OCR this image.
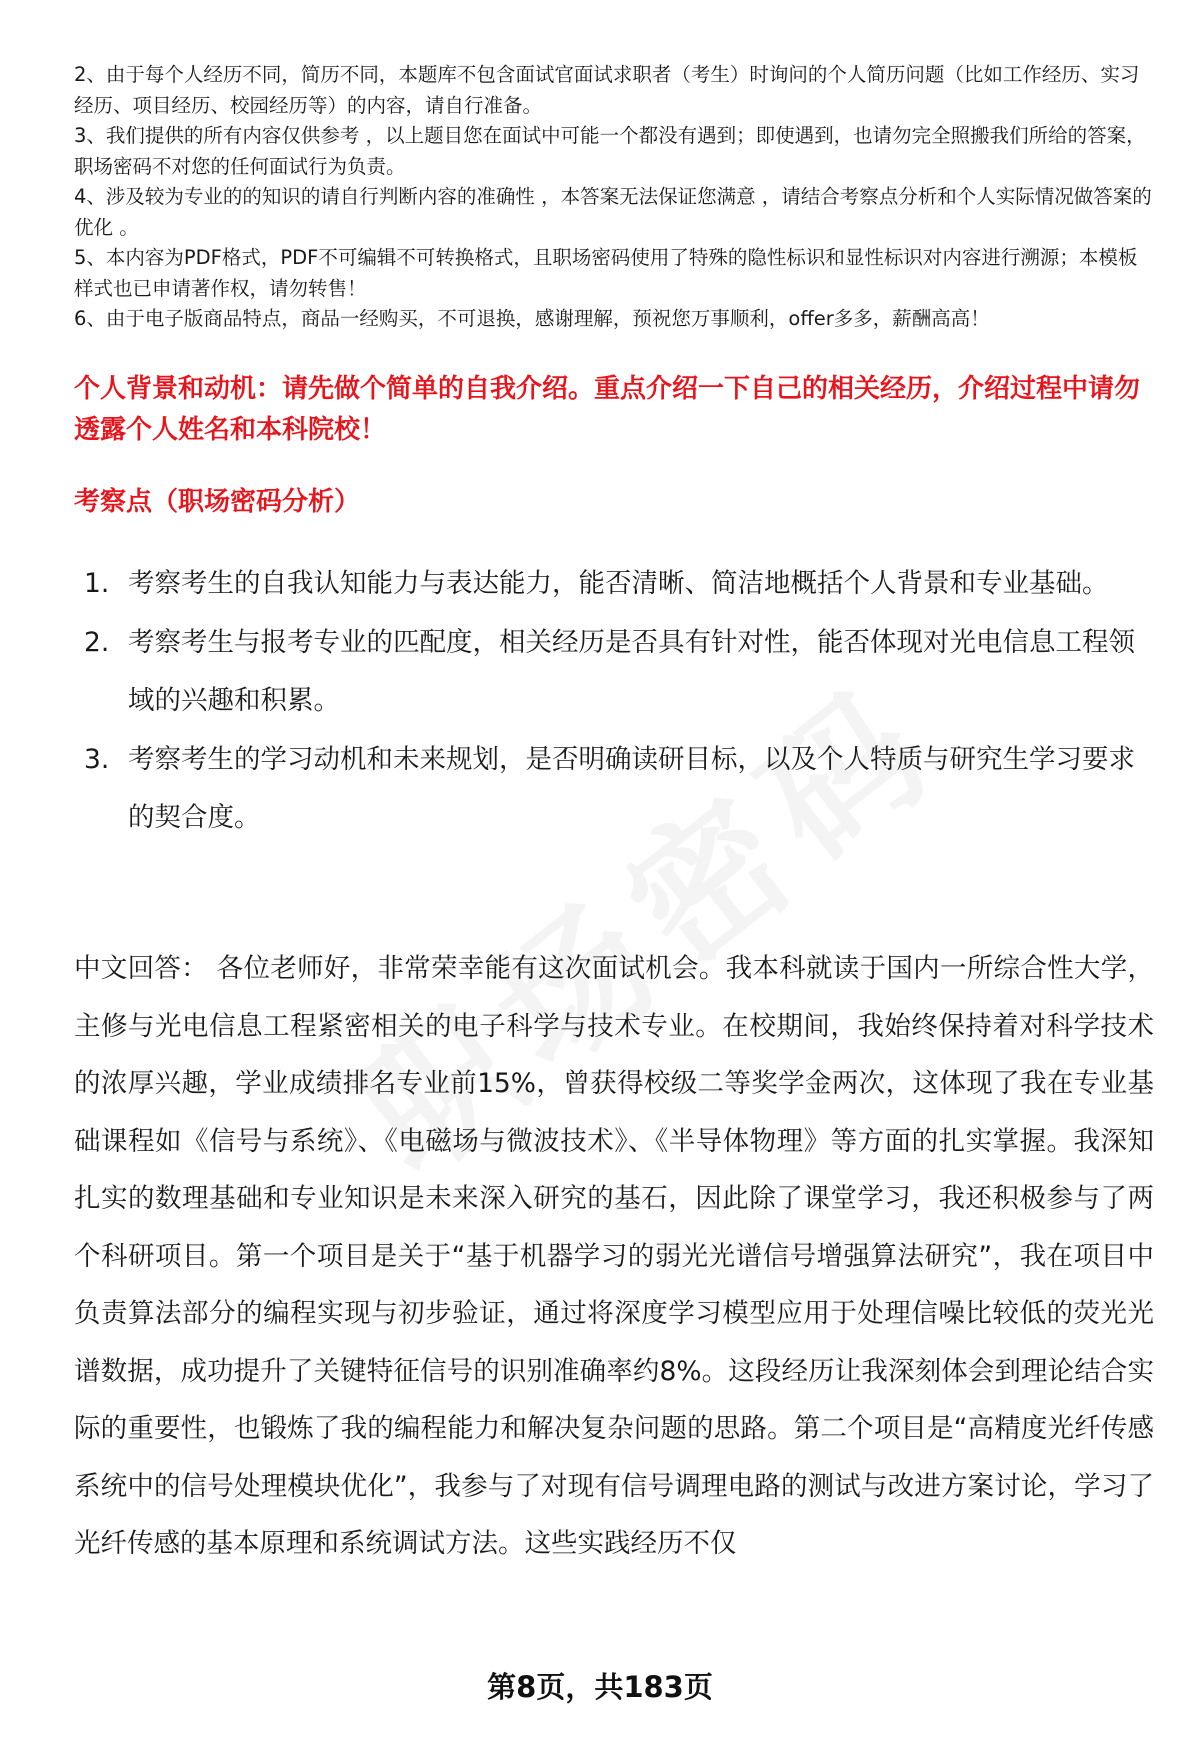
2、由于每个人经历不同，简历不同，本题库不包含面试官面试求职者（考生）时询问的个人简历问题（比如工作经历、实习经历、项目经历、校园经历等）的内容，请自行准备。

3、我们提供的所有内容仅供参考 ，以上题目您在面试中可能一个都没有遇到；即使遇到，也请勿完全照搬我们所给的答案，职场密码不对您的任何面试行为负责。

4、涉及较为专业的的知识的请自行判断内容的准确性 ，本答案无法保证您满意 ，请结合考察点分析和个人实际情况做答案的优化 。

5、本内容为PDF格式，PDF不可编辑不可转换格式，且职场密码使用了特殊的隐性标识和显性标识对内容进行溯源；本模板样式也已申请著作权，请勿转售！

6、由于电子版商品特点，商品一经购买，不可退换，感谢理解，预祝您万事顺利，offer多多，薪酬高高！

个人背景和动机：请先做个简单的自我介绍。重点介绍一下自己的相关经历，介绍过程中请勿透露个人姓名和本科院校！

考察点（职场密码分析）

1. 考察考生的自我认知能力与表达能力，能否清晰、简洁地概括个人背景和专业基础。
2. 考察考生与报考专业的匹配度，相关经历是否具有针对性，能否体现对光电信息工程领域的兴趣和积累。
3. 考察考生的学习动机和未来规划，是否明确读研目标，以及个人特质与研究生学习要求的契合度。

中文回答： 各位老师好，非常荣幸能有这次面试机会。我本科就读于国内一所综合性大学，主修与光电信息工程紧密相关的电子科学与技术专业。在校期间，我始终保持着对科学技术的浓厚兴趣，学业成绩排名专业前15%，曾获得校级二等奖学金两次，这体现了我在专业基础课程如《信号与系统》、《电磁场与微波技术》、《半导体物理》等方面的扎实掌握。我深知扎实的数理基础和专业知识是未来深入研究的基石，因此除了课堂学习，我还积极参与了两个科研项目。第一个项目是关于“基于机器学习的弱光光谱信号增强算法研究”，我在项目中负责算法部分的编程实现与初步验证，通过将深度学习模型应用于处理信噪比较低的荧光光谱数据，成功提升了关键特征信号的识别准确率约8%。这段经历让我深刻体会到理论结合实际的重要性，也锻炼了我的编程能力和解决复杂问题的思路。第二个项目是“高精度光纤传感系统中的信号处理模块优化”，我参与了对现有信号调理电路的测试与改进方案讨论，学习了光纤传感的基本原理和系统调试方法。这些实践经历不仅

第8页，共183页
